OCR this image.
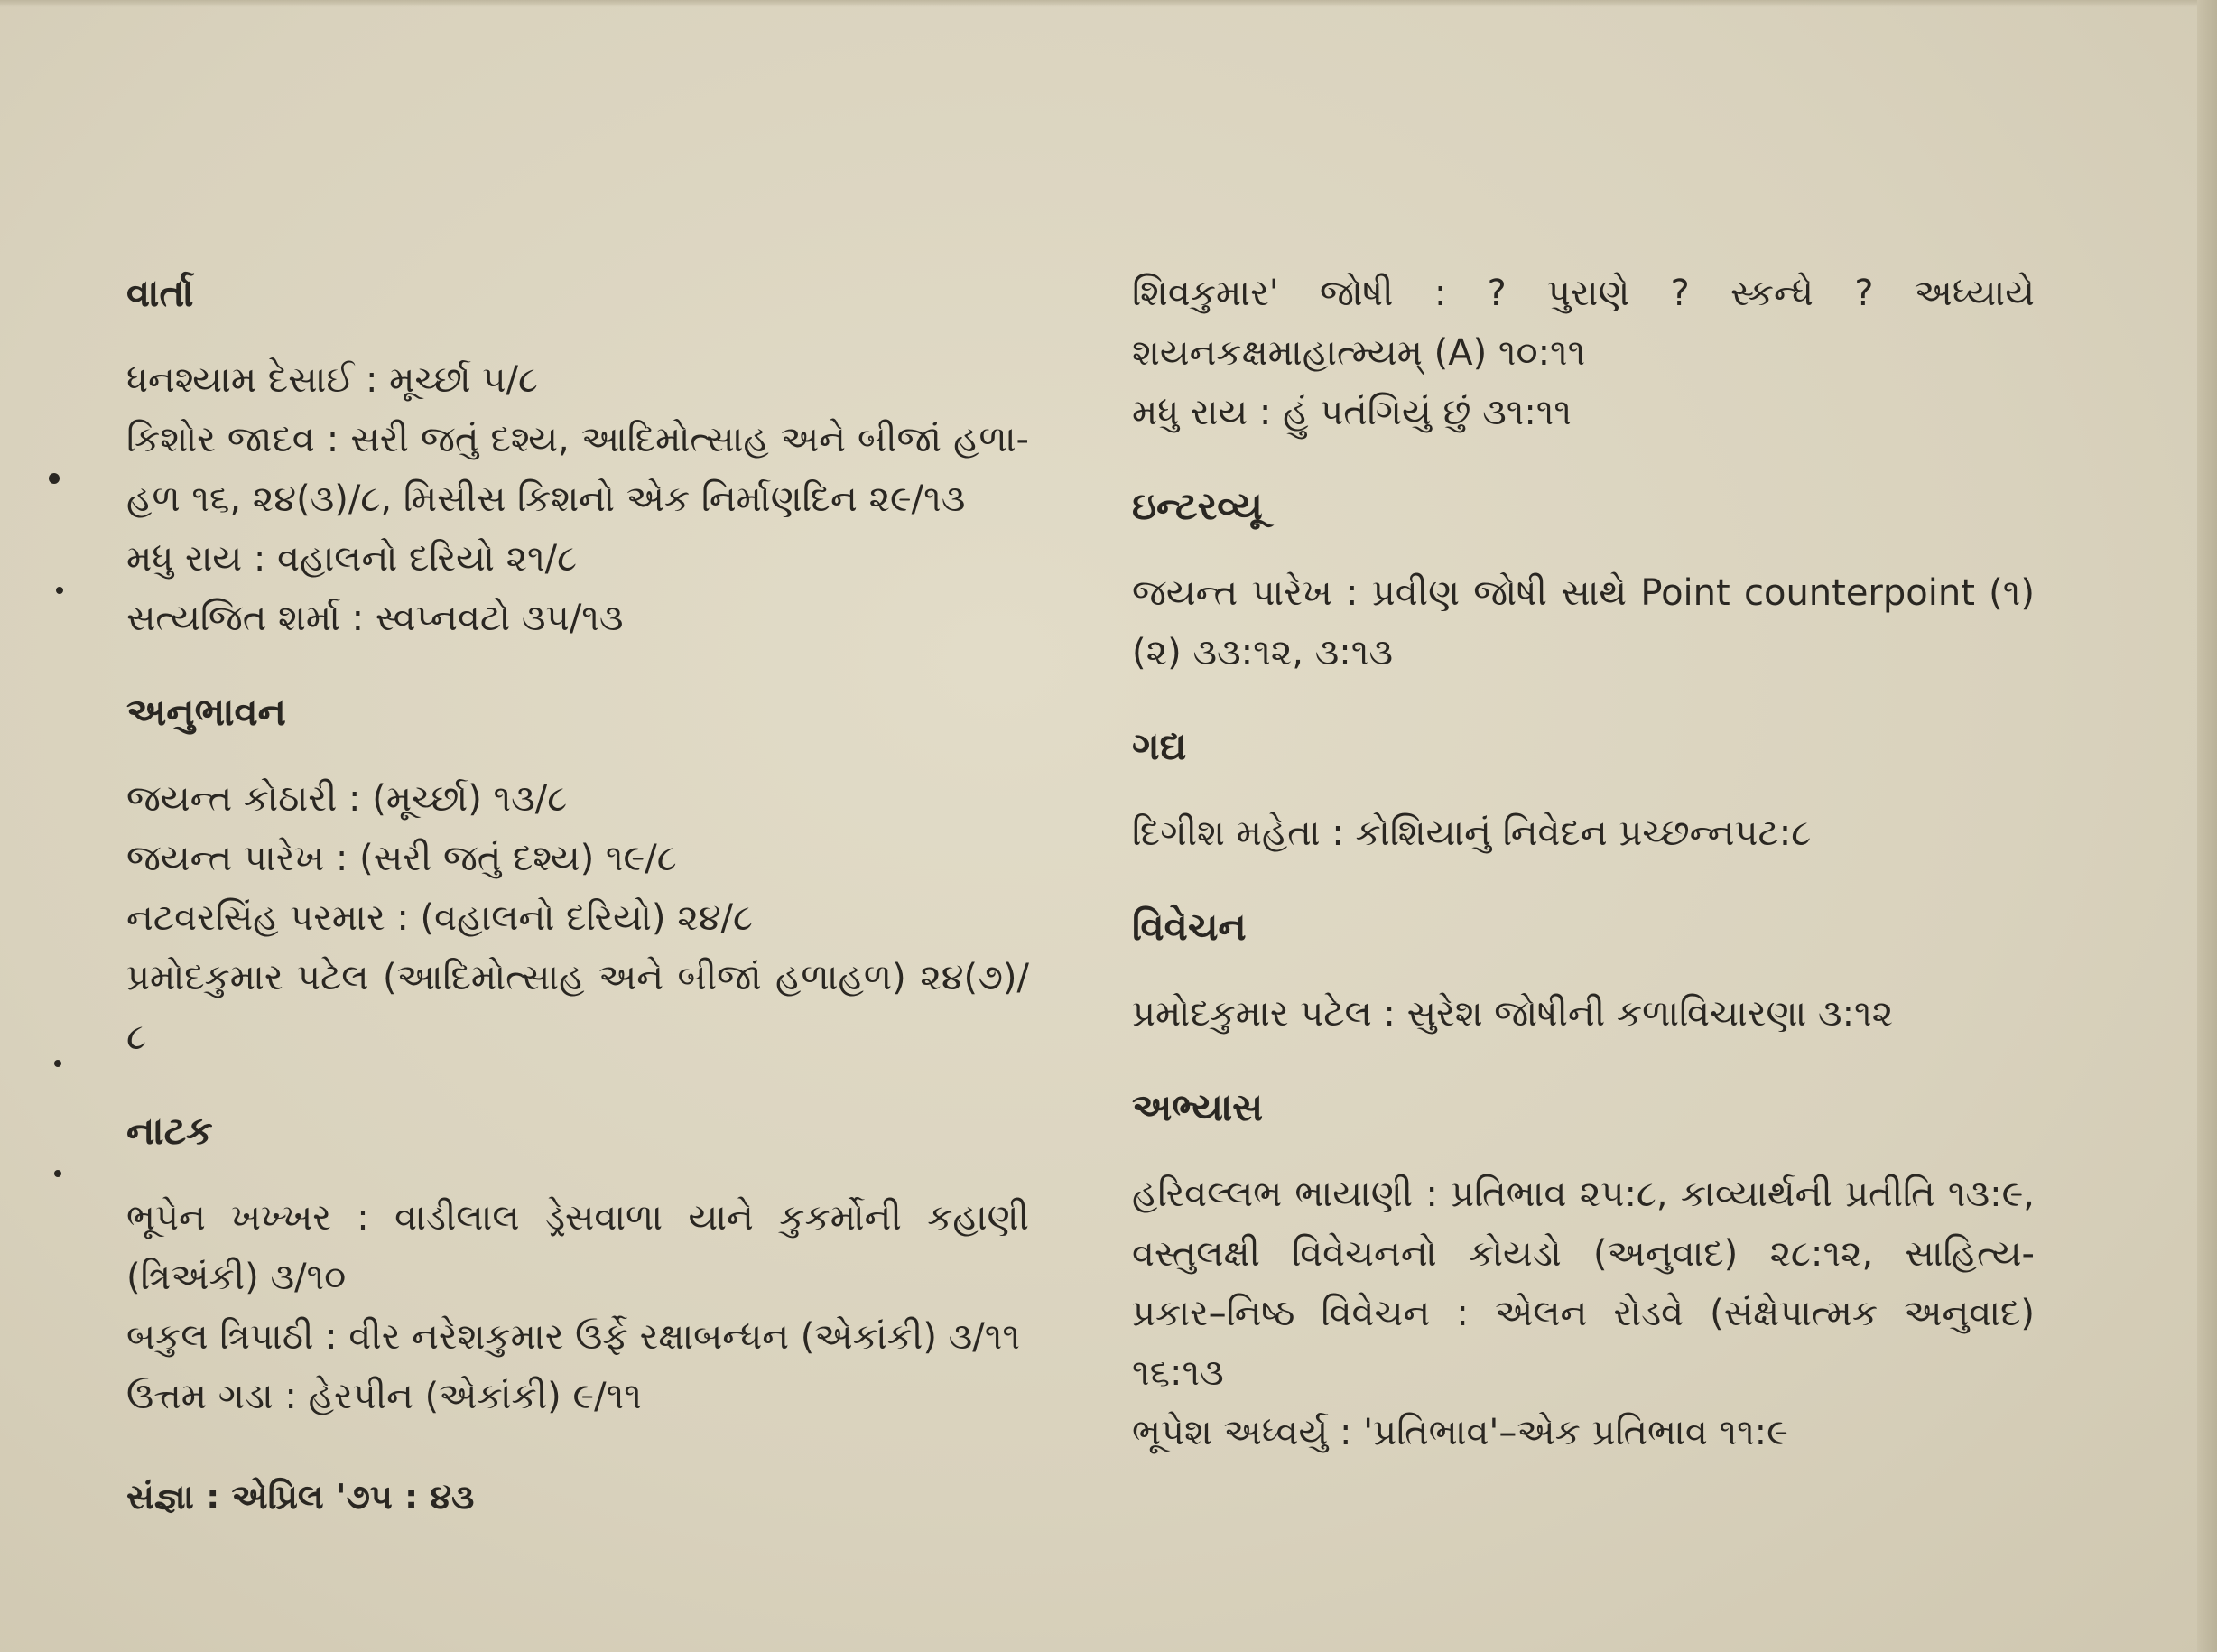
વાર્તા

ધનશ્યામ દેસાઈ : મૂર્ચ્છા ૫/૮

કિશોર જાદવ : સરી જતું દશ્ય, આદિમોત્સાહ અને બીજાં હળા- હળ ૧૬, ૨૪(૩)/૮, મિસીસ કિશનો એક નિર્માણદિન ૨૯/૧૩

મધુ રાય : વહાલનો દરિયો ૨૧/૮

સત્યજિત શર્મા : સ્વપ્નવટો ૩૫/૧૩

અનુભાવન

જયન્ત કોઠારી : (મૂર્ચ્છા) ૧૩/૮

જયન્ત પારેખ : (સરી જતું દશ્ય) ૧૯/૮

નટવરસિંહ પરમાર : (વહાલનો દરિયો) ૨૪/૮

પ્રમોદકુમાર પટેલ (આદિમોત્સાહ અને બીજાં હળાહળ) ૨૪(૭)/૮

નાટક

ભૂપેન ખખ્ખર : વાડીલાલ ડ્રેસવાળા યાને કુકર્મોની કહાણી (ત્રિઅંકી) ૩/૧૦

બકુલ ત્રિપાઠી : વીર નરેશકુમાર ઉર્ફે રક્ષાબન્ધન (એકાંકી) ૩/૧૧

ઉત્તમ ગડા : હેરપીન (એકાંકી) ૯/૧૧

શિવકુમાર' જોષી : ? પુરાણે ? સ્કન્ધે ? અધ્યાયે શયનકક્ષમાહાત્મ્યમ્ (A) ૧૦:૧૧

મધુ રાય : હું પતંગિયું છું ૩૧:૧૧

ઇન્ટરવ્યૂ

જયન્ત પારેખ : પ્રવીણ જોષી સાથે Point counterpoint (૧)(૨) ૩૩:૧૨, ૩:૧૩

ગદ્ય

દિગીશ મહેતા : કોશિયાનું નિવેદન પ્રચ્છન્નપટ:૮

વિવેચન

પ્રમોદકુમાર પટેલ : સુરેશ જોષીની કળાવિચારણા ૩:૧૨

અભ્યાસ

હરિવલ્લભ ભાયાણી : પ્રતિભાવ ૨૫:૮, કાવ્યાર્થની પ્રતીતિ ૧૩:૯, વસ્તુલક્ષી વિવેચનનો કોયડો (અનુવાદ) ૨૮:૧૨, સાહિત્ય- પ્રકાર–નિષ્ઠ વિવેચન : એલન રોડવે (સંક્ષેપાત્મક અનુવાદ) ૧૬:૧૩

ભૂપેશ અધ્વર્યુ : 'પ્રતિભાવ'–એક પ્રતિભાવ ૧૧:૯

સંજ્ઞા : એપ્રિલ '૭૫ : ૪૩
